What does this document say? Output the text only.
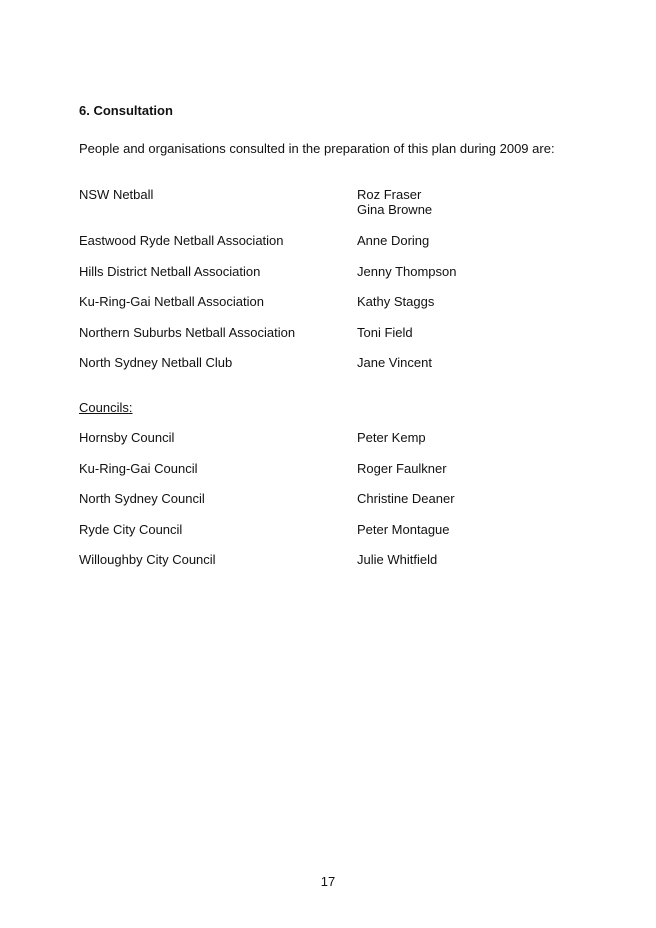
6. Consultation
People and organisations consulted in the preparation of this plan during 2009 are:
NSW Netball	Roz Fraser
Gina Browne
Eastwood Ryde Netball Association	Anne Doring
Hills District Netball Association	Jenny Thompson
Ku-Ring-Gai Netball Association	Kathy Staggs
Northern Suburbs Netball Association	Toni Field
North Sydney Netball Club	Jane Vincent
Councils:
Hornsby Council	Peter Kemp
Ku-Ring-Gai Council	Roger Faulkner
North Sydney Council	Christine Deaner
Ryde City Council	Peter Montague
Willoughby City Council	Julie Whitfield
17
